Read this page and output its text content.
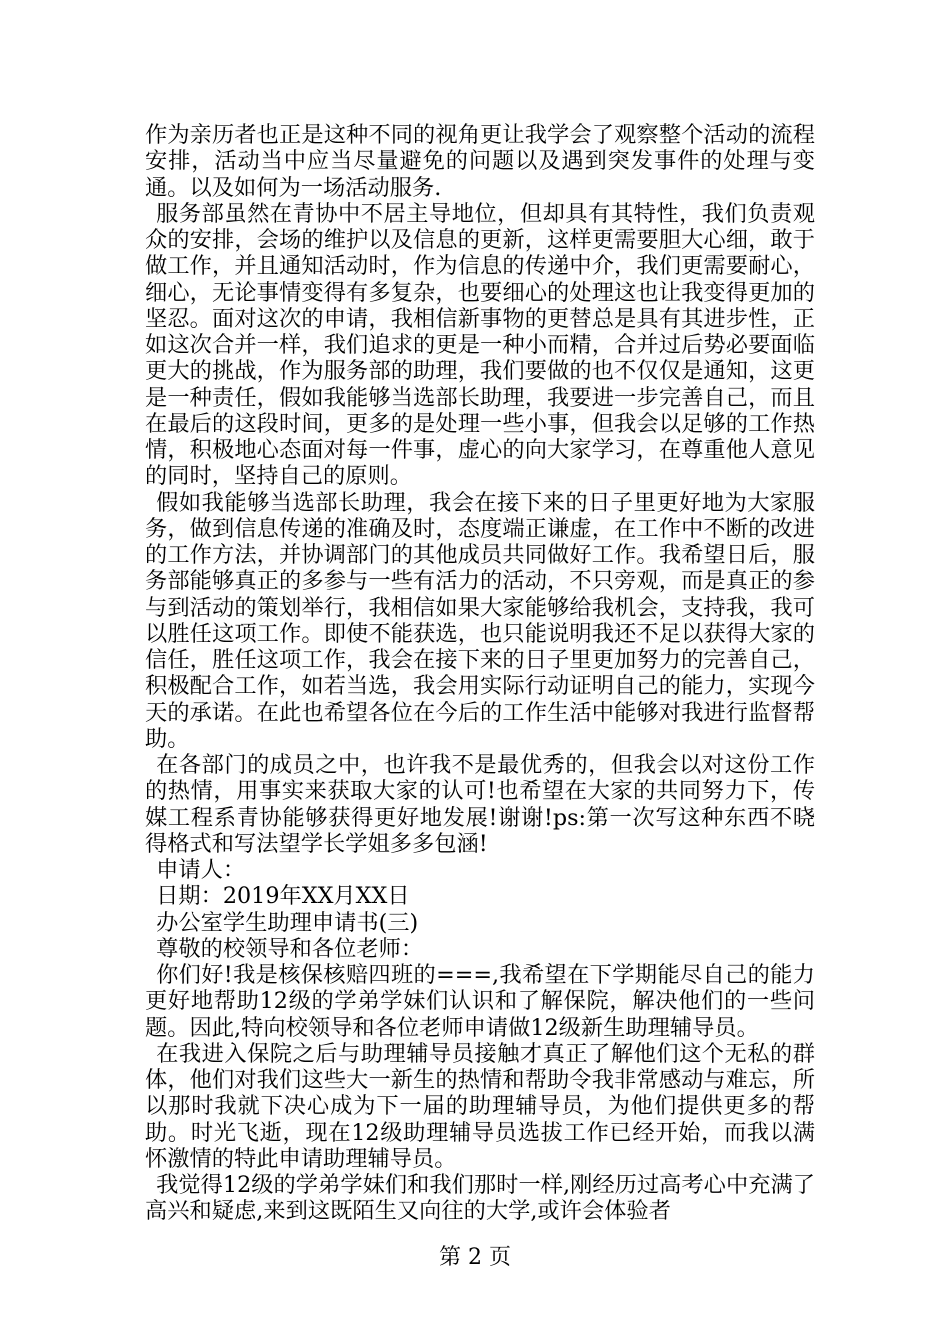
作为亲历者也正是这种不同的视角更让我学会了观察整个活动的流程安排，活动当中应当尽量避免的问题以及遇到突发事件的处理与变通。以及如何为一场活动服务.

服务部虽然在青协中不居主导地位，但却具有其特性，我们负责观众的安排，会场的维护以及信息的更新，这样更需要胆大心细，敢于做工作，并且通知活动时，作为信息的传递中介，我们更需要耐心，细心，无论事情变得有多复杂，也要细心的处理这也让我变得更加的坚忍。面对这次的申请，我相信新事物的更替总是具有其进步性，正如这次合并一样，我们追求的更是一种小而精，合并过后势必要面临更大的挑战，作为服务部的助理，我们要做的也不仅仅是通知，这更是一种责任，假如我能够当选部长助理，我要进一步完善自己，而且在最后的这段时间，更多的是处理一些小事，但我会以足够的工作热情，积极地心态面对每一件事，虚心的向大家学习，在尊重他人意见的同时，坚持自己的原则。

假如我能够当选部长助理，我会在接下来的日子里更好地为大家服务，做到信息传递的准确及时，态度端正谦虚，在工作中不断的改进的工作方法，并协调部门的其他成员共同做好工作。我希望日后，服务部能够真正的多参与一些有活力的活动，不只旁观，而是真正的参与到活动的策划举行，我相信如果大家能够给我机会，支持我，我可以胜任这项工作。即使不能获选，也只能说明我还不足以获得大家的信任，胜任这项工作，我会在接下来的日子里更加努力的完善自己，积极配合工作，如若当选，我会用实际行动证明自己的能力，实现今天的承诺。在此也希望各位在今后的工作生活中能够对我进行监督帮助。

在各部门的成员之中，也许我不是最优秀的，但我会以对这份工作的热情，用事实来获取大家的认可!也希望在大家的共同努力下，传媒工程系青协能够获得更好地发展!谢谢!ps:第一次写这种东西不晓得格式和写法望学长学姐多多包涵!

申请人：

日期：2019年XX月XX日

办公室学生助理申请书(三)

尊敬的校领导和各位老师：

你们好!我是核保核赔四班的===,我希望在下学期能尽自己的能力更好地帮助12级的学弟学妹们认识和了解保院，解决他们的一些问题。因此,特向校领导和各位老师申请做12级新生助理辅导员。

在我进入保院之后与助理辅导员接触才真正了解他们这个无私的群体，他们对我们这些大一新生的热情和帮助令我非常感动与难忘，所以那时我就下决心成为下一届的助理辅导员，为他们提供更多的帮助。时光飞逝，现在12级助理辅导员选拔工作已经开始，而我以满怀激情的特此申请助理辅导员。

我觉得12级的学弟学妹们和我们那时一样,刚经历过高考心中充满了高兴和疑虑,来到这既陌生又向往的大学,或许会体验者

第 2 页
